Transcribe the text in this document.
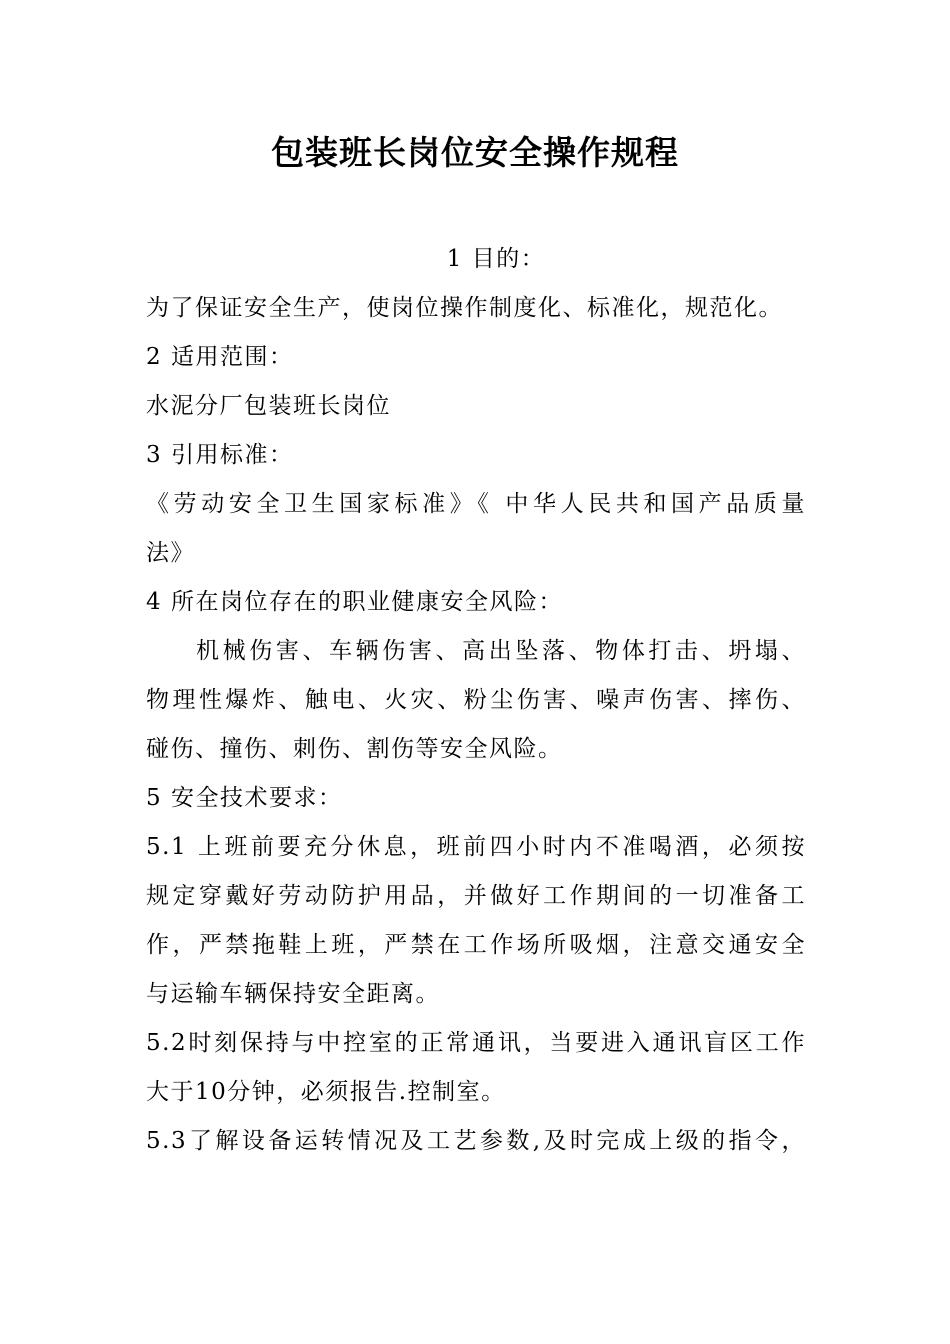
包装班长岗位安全操作规程

1 目的：

为了保证安全生产，使岗位操作制度化、标准化，规范化。

2 适用范围：

水泥分厂包装班长岗位

3 引用标准：

《劳动安全卫生国家标准》《 中华人民共和国产品质量

法》

4 所在岗位存在的职业健康安全风险：

机械伤害、车辆伤害、高出坠落、物体打击、坍塌、

物理性爆炸、触电、火灾、粉尘伤害、噪声伤害、摔伤、

碰伤、撞伤、刺伤、割伤等安全风险。

5 安全技术要求：

5.1 上班前要充分休息，班前四小时内不准喝酒，必须按

规定穿戴好劳动防护用品，并做好工作期间的一切准备工

作，严禁拖鞋上班，严禁在工作场所吸烟，注意交通安全

与运输车辆保持安全距离。

5.2时刻保持与中控室的正常通讯，当要进入通讯盲区工作

大于10分钟，必须报告.控制室。

5.3了解设备运转情况及工艺参数,及时完成上级的指令，
